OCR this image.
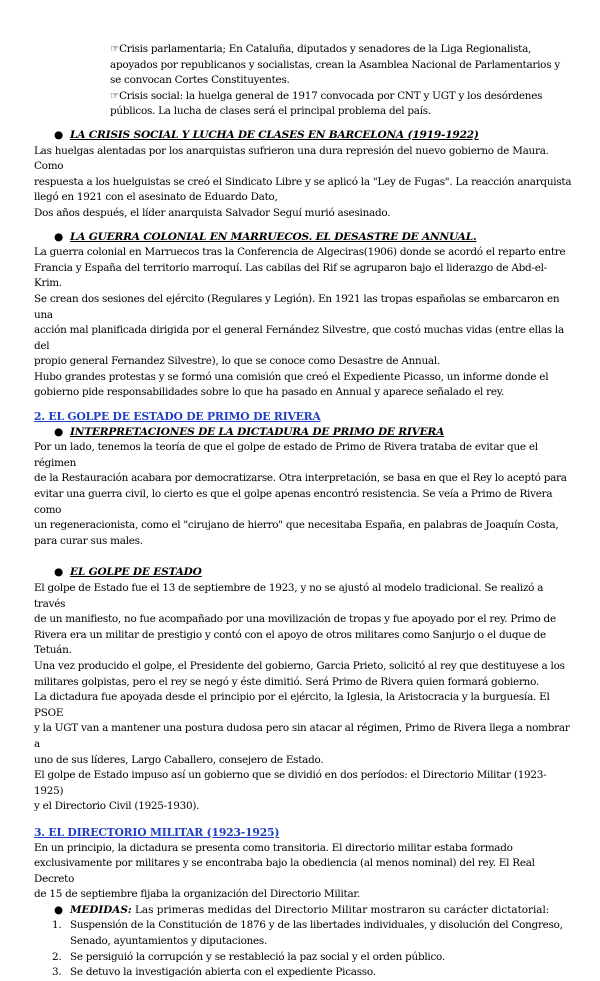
☞Crisis parlamentaria; En Cataluña, diputados y senadores de la Liga Regionalista, apoyados por republicanos y socialistas, crean la Asamblea Nacional de Parlamentarios y se convocan Cortes Constituyentes.

☞Crisis social: la huelga general de 1917 convocada por CNT y UGT y los desórdenes públicos. La lucha de clases será el principal problema del país.

● LA CRISIS SOCIAL Y LUCHA DE CLASES EN BARCELONA (1919-1922)
Las huelgas alentadas por los anarquistas sufrieron una dura represión del nuevo gobierno de Maura. Como
respuesta a los huelguistas se creó el Sindicato Libre y se aplicó la "Ley de Fugas". La reacción anarquista
llegó en 1921 con el asesinato de Eduardo Dato,
Dos años después, el líder anarquista Salvador Seguí murió asesinado.
● LA GUERRA COLONIAL EN MARRUECOS. EL DESASTRE DE ANNUAL.
La guerra colonial en Marruecos tras la Conferencia de Algeciras(1906) donde se acordó el reparto entre
Francia y España del territorio marroquí. Las cabilas del Rif se agruparon bajo el liderazgo de Abd-el-Krim.
Se crean dos sesiones del ejército (Regulares y Legión). En 1921 las tropas españolas se embarcaron en una
acción mal planificada dirigida por el general Fernández Silvestre, que costó muchas vidas (entre ellas la del
propio general Fernandez Silvestre), lo que se conoce como Desastre de Annual.
Hubo grandes protestas y se formó una comisión que creó el Expediente Picasso, un informe donde el
gobierno pide responsabilidades sobre lo que ha pasado en Annual y aparece señalado el rey.
2. EL GOLPE DE ESTADO DE PRIMO DE RIVERA
● INTERPRETACIONES DE LA DICTADURA DE PRIMO DE RIVERA
Por un lado, tenemos la teoría de que el golpe de estado de Primo de Rivera trataba de evitar que el régimen
de la Restauración acabara por democratizarse. Otra interpretación, se basa en que el Rey lo aceptó para
evitar una guerra civil, lo cierto es que el golpe apenas encontró resistencia. Se veía a Primo de Rivera como
un regeneracionista, como el "cirujano de hierro" que necesitaba España, en palabras de Joaquín Costa,
para curar sus males.
● EL GOLPE DE ESTADO
El golpe de Estado fue el 13 de septiembre de 1923, y no se ajustó al modelo tradicional. Se realizó a través
de un manifiesto, no fue acompañado por una movilización de tropas y fue apoyado por el rey. Primo de
Rivera era un militar de prestigio y contó con el apoyo de otros militares como Sanjurjo o el duque de
Tetuán.
Una vez producido el golpe, el Presidente del gobierno, Garcia Prieto, solicitó al rey que destituyese a los
militares golpistas, pero el rey se negó y éste dimitió. Será Primo de Rivera quien formará gobierno.
La dictadura fue apoyada desde el principio por el ejército, la Iglesia, la Aristocracia y la burguesía. El PSOE
y la UGT van a mantener una postura dudosa pero sin atacar al régimen, Primo de Rivera llega a nombrar a
uno de sus líderes, Largo Caballero, consejero de Estado.
El golpe de Estado impuso así un gobierno que se dividió en dos períodos: el Directorio Militar (1923-1925)
y el Directorio Civil (1925-1930).
3. EL DIRECTORIO MILITAR (1923-1925)
En un principio, la dictadura se presenta como transitoria. El directorio militar estaba formado
exclusivamente por militares y se encontraba bajo la obediencia (al menos nominal) del rey. El Real Decreto
de 15 de septiembre fijaba la organización del Directorio Militar.
● MEDIDAS: Las primeras medidas del Directorio Militar mostraron su carácter dictatorial:
1. Suspensión de la Constitución de 1876 y de las libertades individuales, y disolución del Congreso,
Senado, ayuntamientos y diputaciones.
2. Se persiguió la corrupción y se restableció la paz social y el orden público.
3. Se detuvo la investigación abierta con el expediente Picasso.
